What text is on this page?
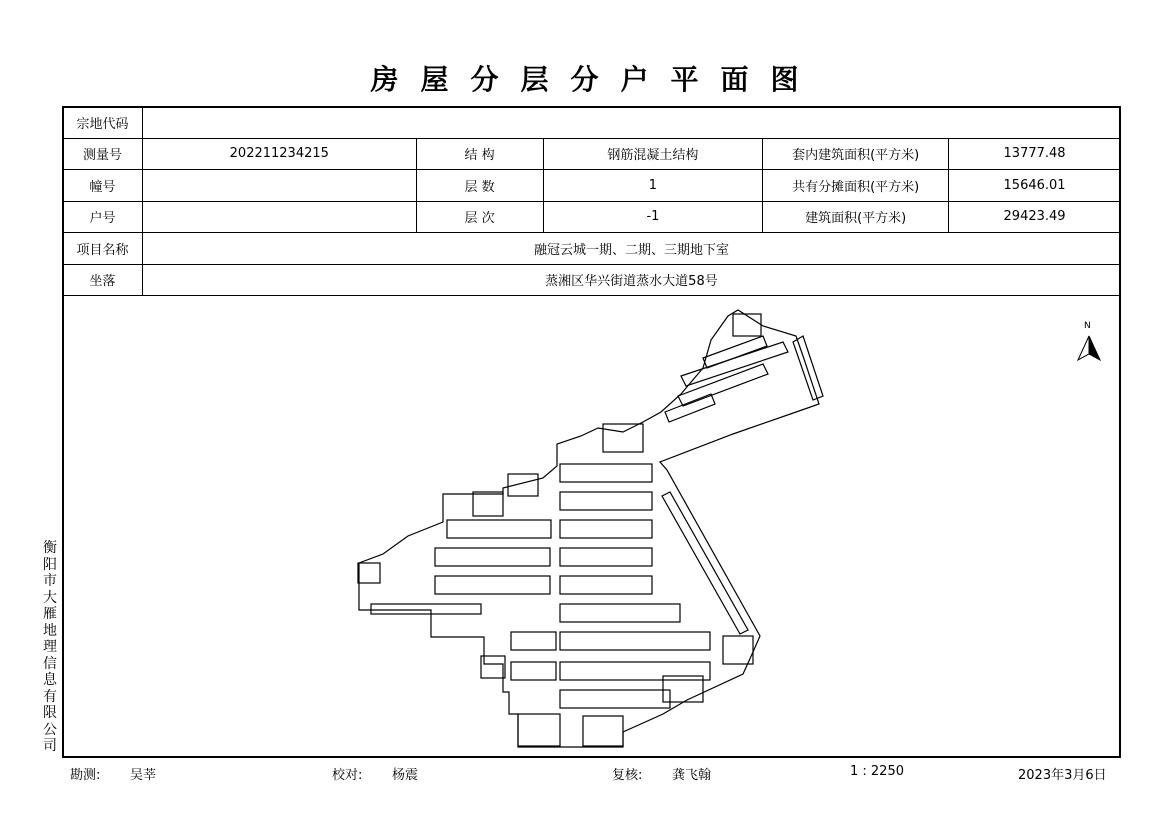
房屋分层分户平面图
宗地代码					
测量号	202211234215	结 构	钢筋混凝土结构	套内建筑面积(平方米)	13777.48
幢号		层 数	1	共有分摊面积(平方米)	15646.01
户号		层 次	-1	建筑面积(平方米)	29423.49
项目名称	融冠云城一期、二期、三期地下室				
坐落	蒸湘区华兴街道蒸水大道58号				
N
衡阳市大雁地理信息有限公司
勘测: 吴莘	校对: 杨震	复核: 龚飞翰	1 : 2250	2023年3月6日
